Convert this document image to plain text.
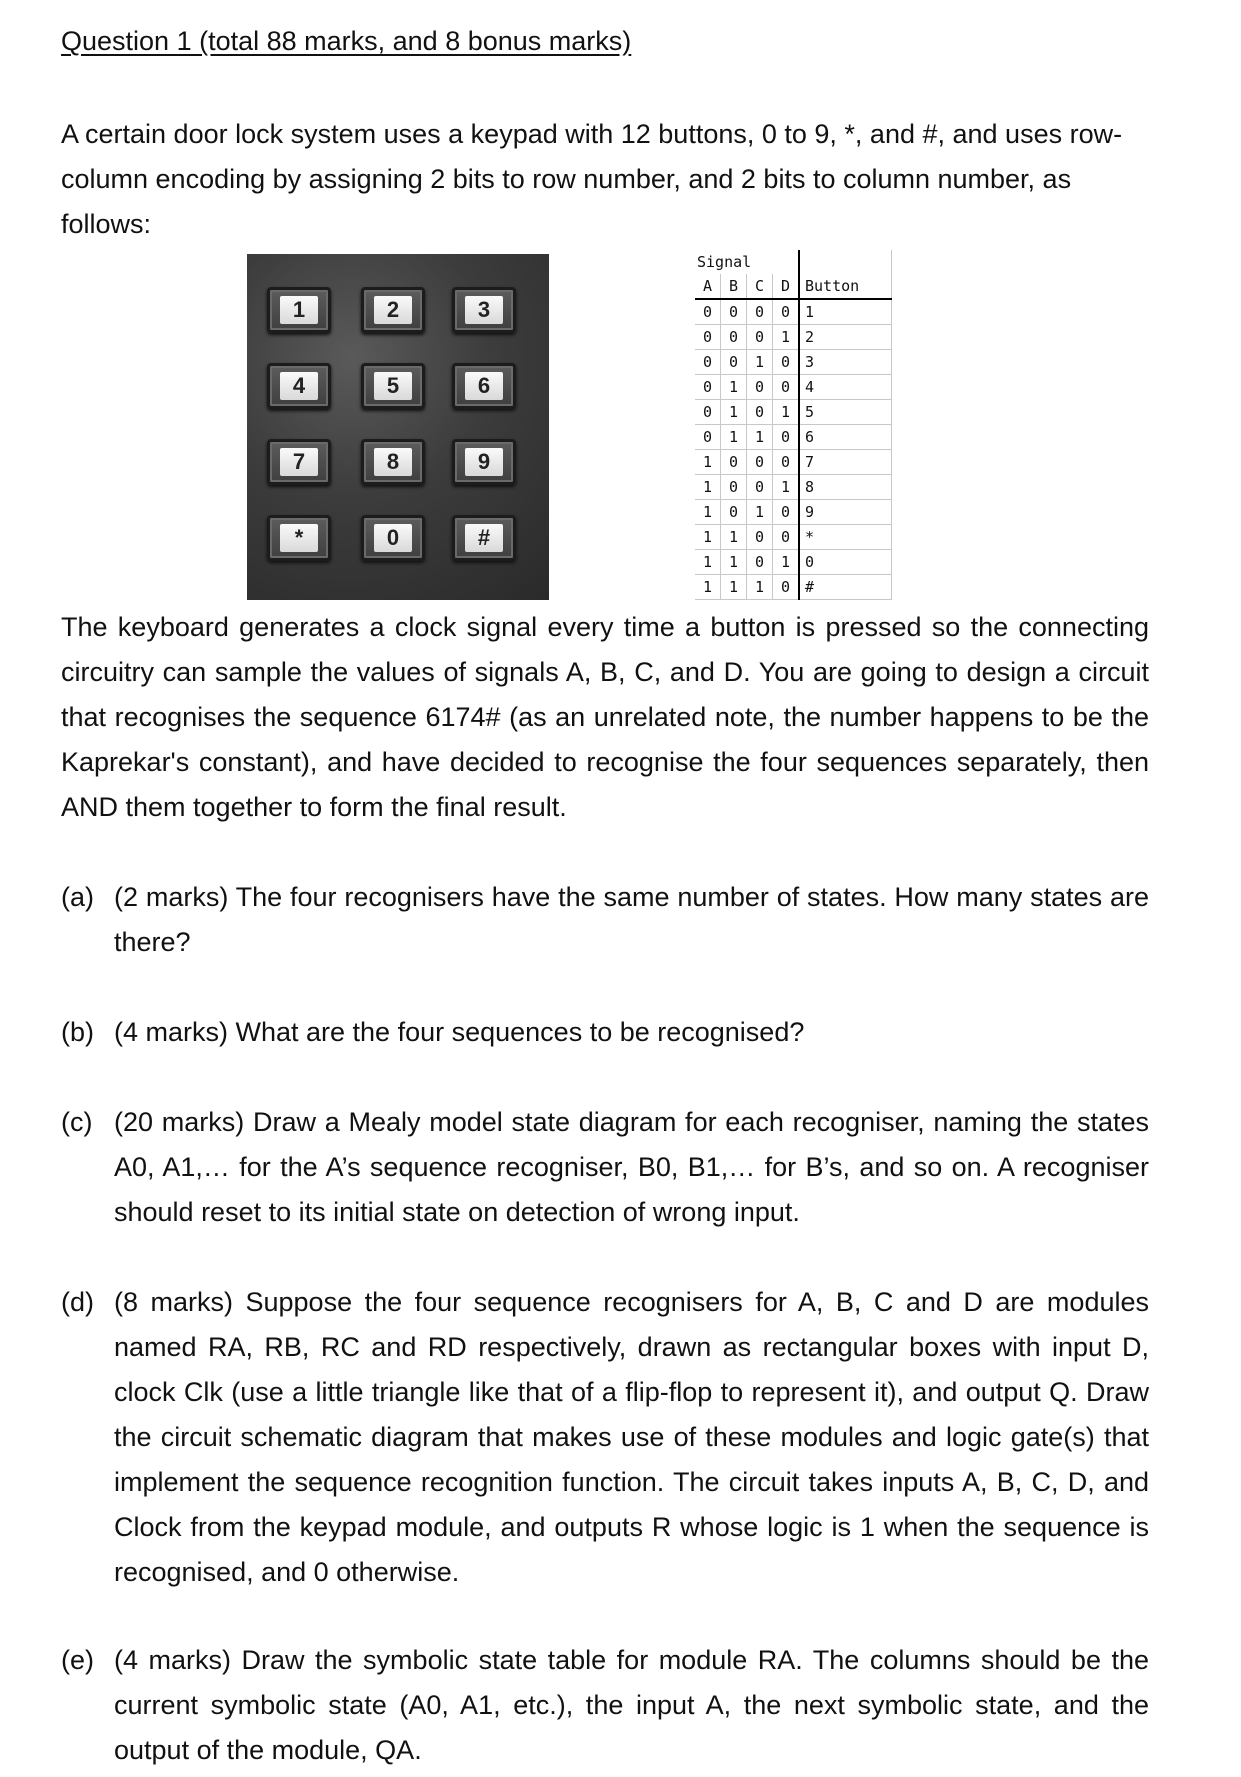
Question 1 (total 88 marks, and 8 bonus marks)

A certain door lock system uses a keypad with 12 buttons, 0 to 9, *, and #, and uses row-column encoding by assigning 2 bits to row number, and 2 bits to column number, as follows:

1	2	3
4	5	6
7	8	9
*	0	#
Signal				
A	B	C	D	Button
0	0	0	0	1
0	0	0	1	2
0	0	1	0	3
0	1	0	0	4
0	1	0	1	5
0	1	1	0	6
1	0	0	0	7
1	0	0	1	8
1	0	1	0	9
1	1	0	0	*
1	1	0	1	0
1	1	1	0	#

The keyboard generates a clock signal every time a button is pressed so the connecting circuitry can sample the values of signals A, B, C, and D. You are going to design a circuit that recognises the sequence 6174# (as an unrelated note, the number happens to be the Kaprekar's constant), and have decided to recognise the four sequences separately, then AND them together to form the final result.

(a) (2 marks) The four recognisers have the same number of states. How many states are there?
(b) (4 marks) What are the four sequences to be recognised?
(c) (20 marks) Draw a Mealy model state diagram for each recogniser, naming the states A0, A1,… for the A’s sequence recogniser, B0, B1,… for B’s, and so on. A recogniser should reset to its initial state on detection of wrong input.
(d) (8 marks) Suppose the four sequence recognisers for A, B, C and D are modules named RA, RB, RC and RD respectively, drawn as rectangular boxes with input D, clock Clk (use a little triangle like that of a flip-flop to represent it), and output Q. Draw the circuit schematic diagram that makes use of these modules and logic gate(s) that implement the sequence recognition function. The circuit takes inputs A, B, C, D, and Clock from the keypad module, and outputs R whose logic is 1 when the sequence is recognised, and 0 otherwise.
(e) (4 marks) Draw the symbolic state table for module RA. The columns should be the current symbolic state (A0, A1, etc.), the input A, the next symbolic state, and the output of the module, QA.
